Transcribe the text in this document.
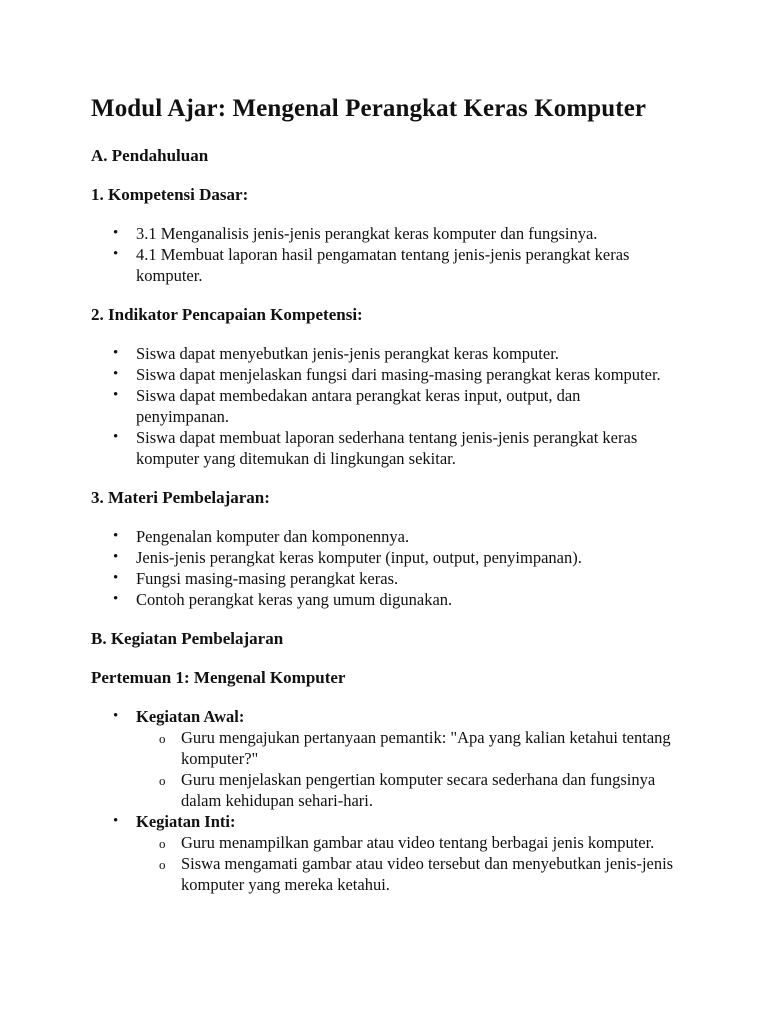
Modul Ajar: Mengenal Perangkat Keras Komputer

A. Pendahuluan

1. Kompetensi Dasar:

• 3.1 Menganalisis jenis-jenis perangkat keras komputer dan fungsinya.
• 4.1 Membuat laporan hasil pengamatan tentang jenis-jenis perangkat keras komputer.

2. Indikator Pencapaian Kompetensi:

• Siswa dapat menyebutkan jenis-jenis perangkat keras komputer.
• Siswa dapat menjelaskan fungsi dari masing-masing perangkat keras komputer.
• Siswa dapat membedakan antara perangkat keras input, output, dan penyimpanan.
• Siswa dapat membuat laporan sederhana tentang jenis-jenis perangkat keras komputer yang ditemukan di lingkungan sekitar.

3. Materi Pembelajaran:

• Pengenalan komputer dan komponennya.
• Jenis-jenis perangkat keras komputer (input, output, penyimpanan).
• Fungsi masing-masing perangkat keras.
• Contoh perangkat keras yang umum digunakan.

B. Kegiatan Pembelajaran

Pertemuan 1: Mengenal Komputer

• Kegiatan Awal:
o Guru mengajukan pertanyaan pemantik: "Apa yang kalian ketahui tentang komputer?"
o Guru menjelaskan pengertian komputer secara sederhana dan fungsinya dalam kehidupan sehari-hari.
• Kegiatan Inti:
o Guru menampilkan gambar atau video tentang berbagai jenis komputer.
o Siswa mengamati gambar atau video tersebut dan menyebutkan jenis-jenis komputer yang mereka ketahui.
